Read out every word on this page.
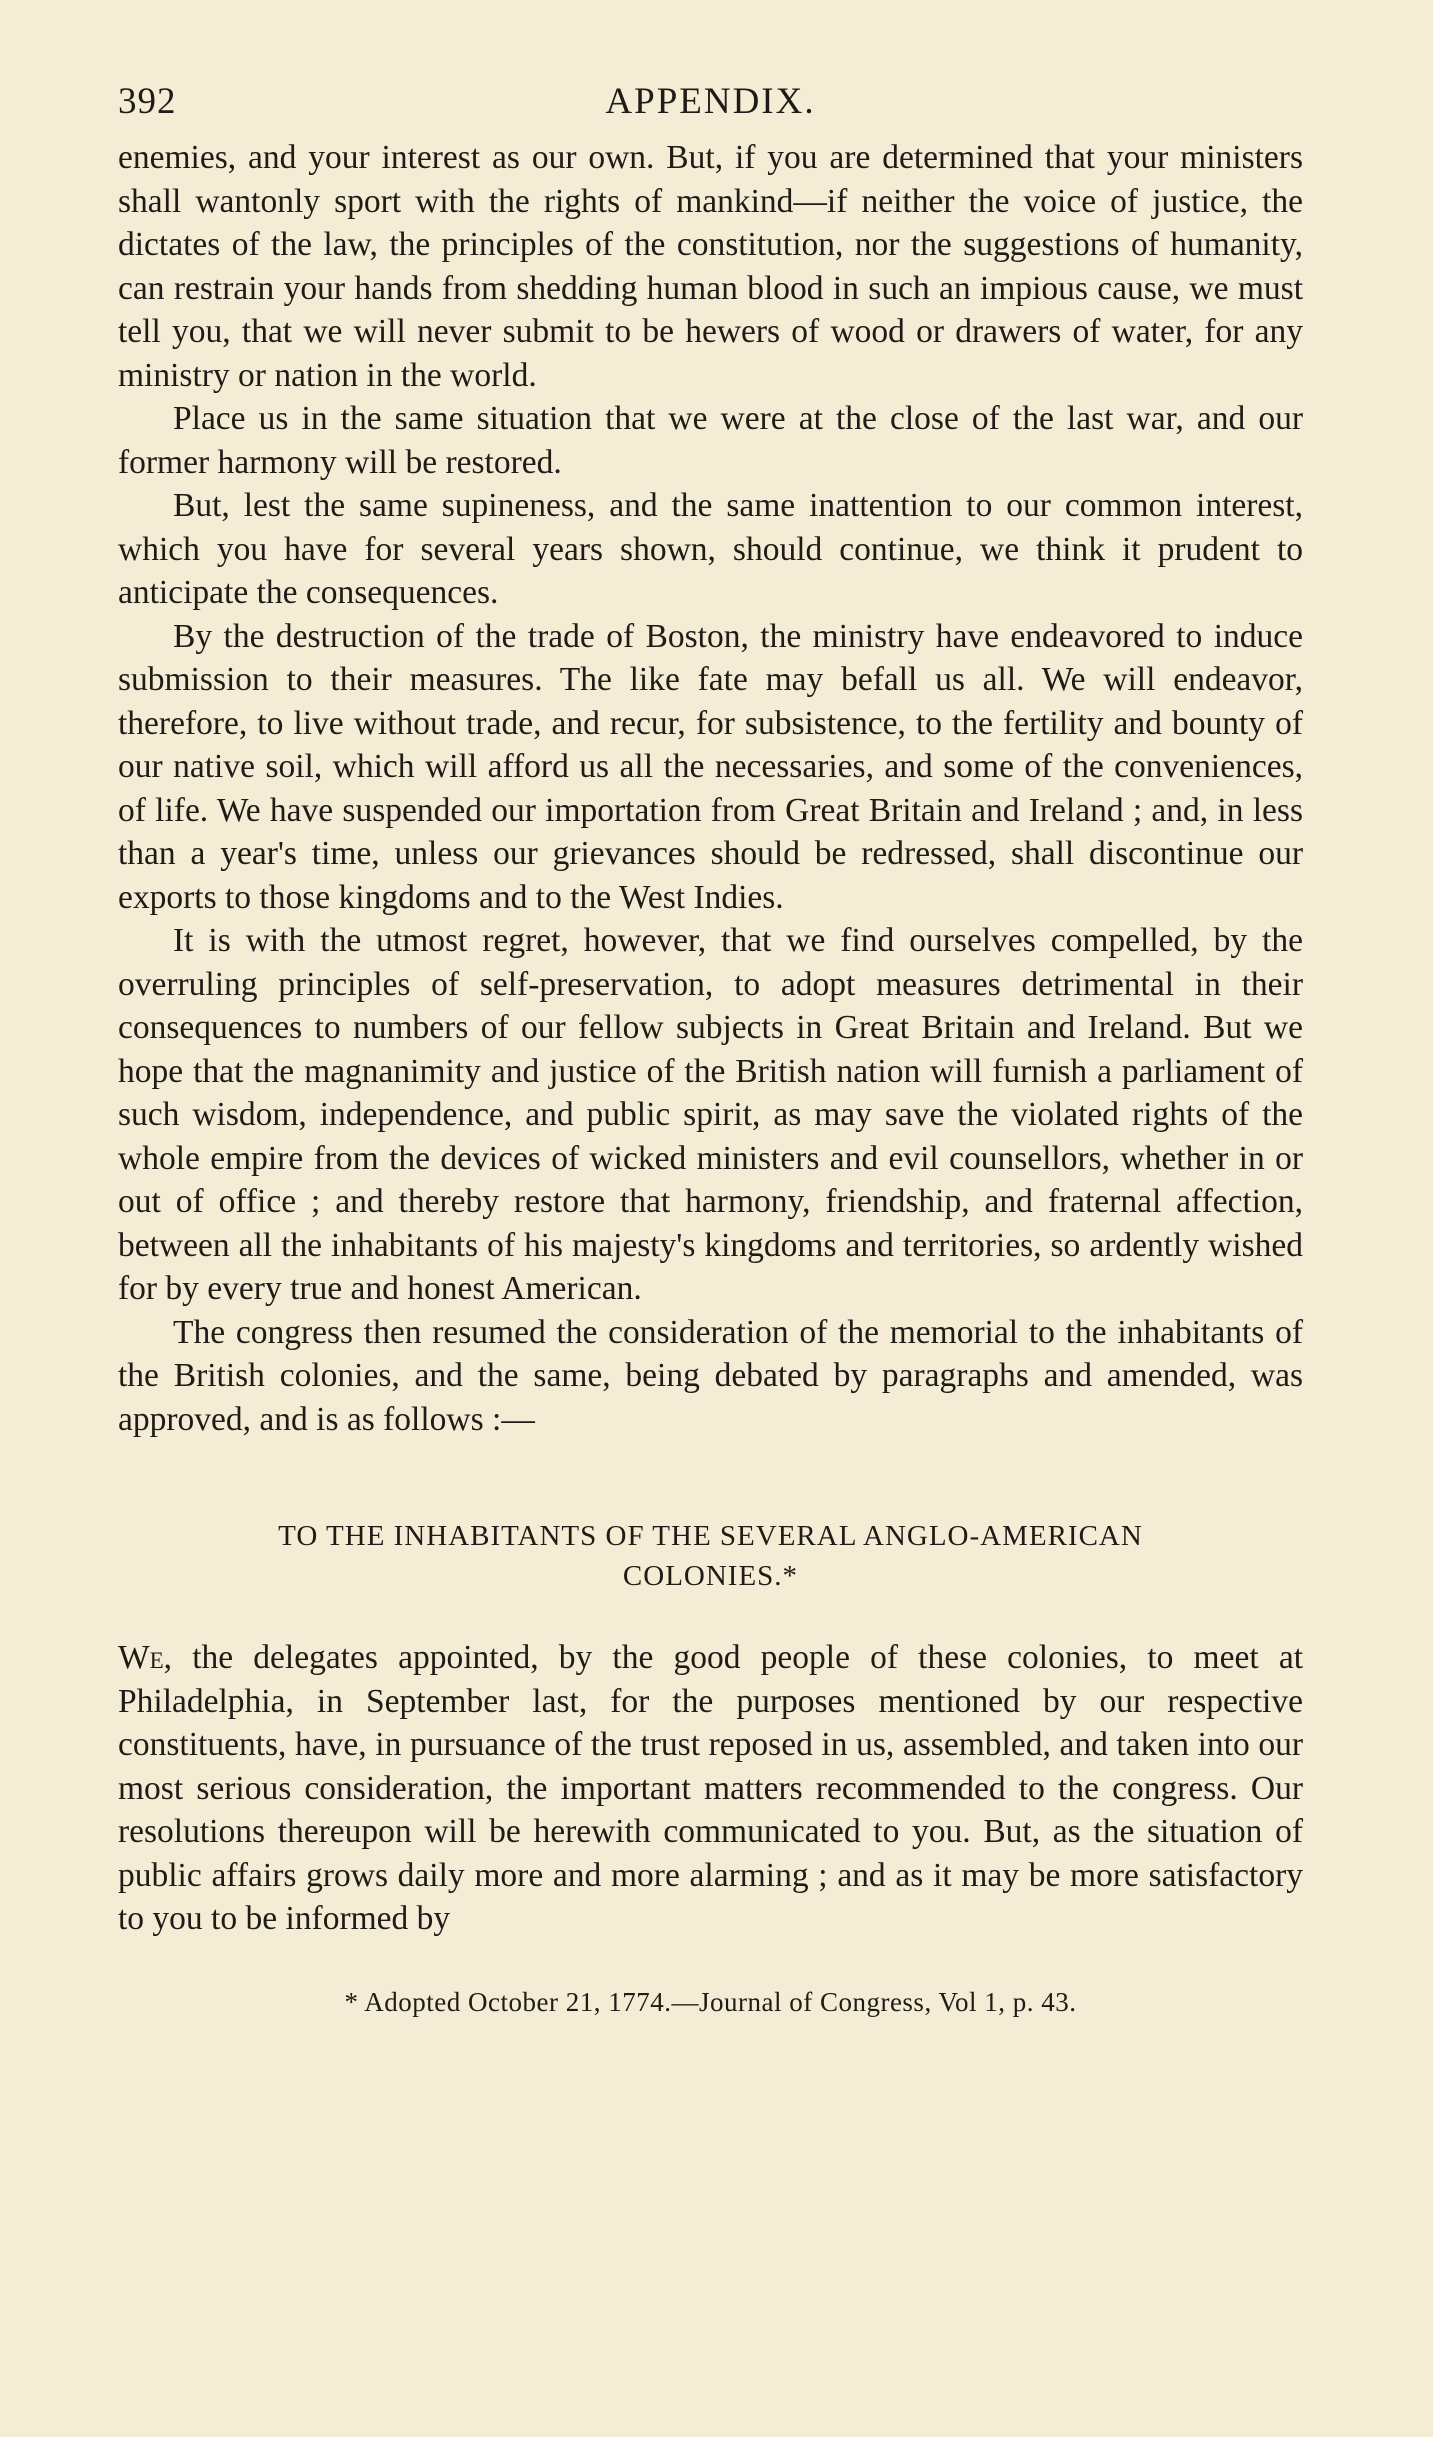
392	APPENDIX.

enemies, and your interest as our own. But, if you are determined that your ministers shall wantonly sport with the rights of mankind—if neither the voice of justice, the dictates of the law, the principles of the constitution, nor the suggestions of humanity, can restrain your hands from shedding human blood in such an impious cause, we must tell you, that we will never submit to be hewers of wood or drawers of water, for any ministry or nation in the world.

Place us in the same situation that we were at the close of the last war, and our former harmony will be restored.

But, lest the same supineness, and the same inattention to our common interest, which you have for several years shown, should continue, we think it prudent to anticipate the consequences.

By the destruction of the trade of Boston, the ministry have endeavored to induce submission to their measures. The like fate may befall us all. We will endeavor, therefore, to live without trade, and recur, for subsistence, to the fertility and bounty of our native soil, which will afford us all the necessaries, and some of the conveniences, of life. We have suspended our importation from Great Britain and Ireland ; and, in less than a year's time, unless our grievances should be redressed, shall discontinue our exports to those kingdoms and to the West Indies.

It is with the utmost regret, however, that we find ourselves compelled, by the overruling principles of self-preservation, to adopt measures detrimental in their consequences to numbers of our fellow subjects in Great Britain and Ireland. But we hope that the magnanimity and justice of the British nation will furnish a parliament of such wisdom, independence, and public spirit, as may save the violated rights of the whole empire from the devices of wicked ministers and evil counsellors, whether in or out of office ; and thereby restore that harmony, friendship, and fraternal affection, between all the inhabitants of his majesty's kingdoms and territories, so ardently wished for by every true and honest American.

The congress then resumed the consideration of the memorial to the inhabitants of the British colonies, and the same, being debated by paragraphs and amended, was approved, and is as follows :—

TO THE INHABITANTS OF THE SEVERAL ANGLO-AMERICAN
COLONIES.*

We, the delegates appointed, by the good people of these colonies, to meet at Philadelphia, in September last, for the purposes mentioned by our respective constituents, have, in pursuance of the trust reposed in us, assembled, and taken into our most serious consideration, the important matters recommended to the congress. Our resolutions thereupon will be herewith communicated to you. But, as the situation of public affairs grows daily more and more alarming ; and as it may be more satisfactory to you to be informed by

* Adopted October 21, 1774.—Journal of Congress, Vol 1, p. 43.
